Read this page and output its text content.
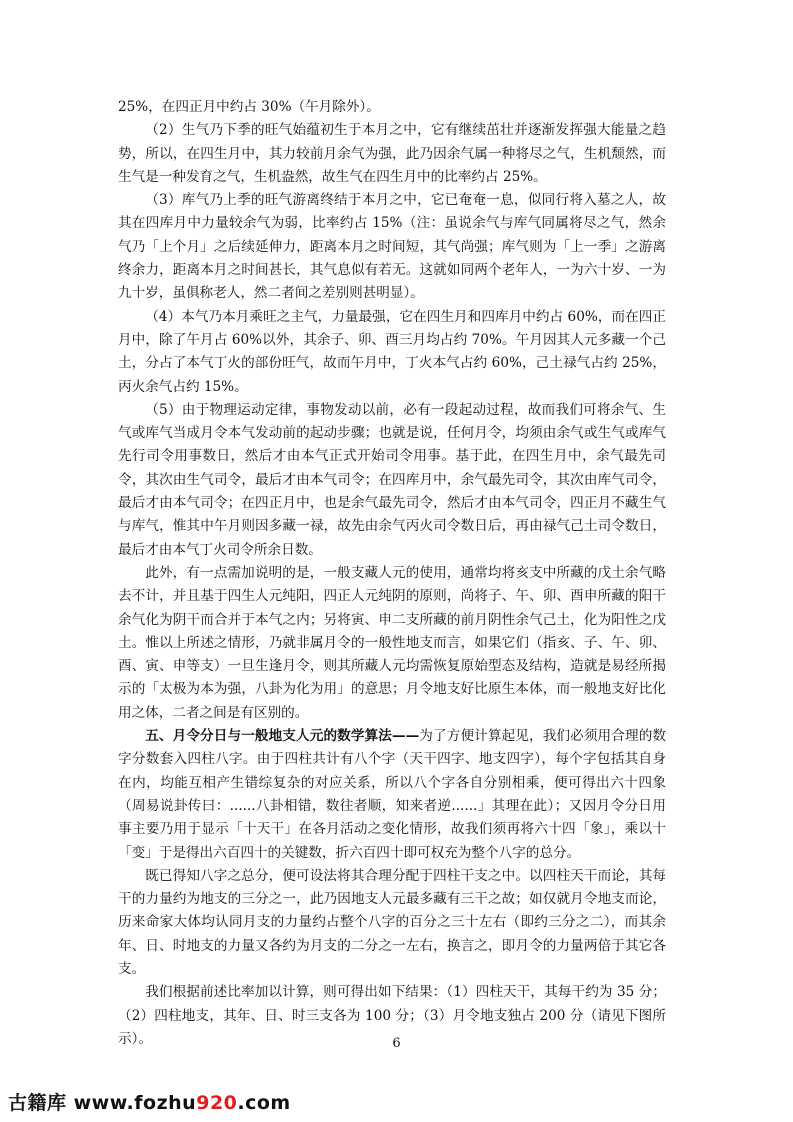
25%，在四正月中约占 30%（午月除外）。

（2）生气乃下季的旺气始蕴初生于本月之中，它有继续茁壮并逐渐发挥强大能量之趋势，所以，在四生月中，其力较前月余气为强，此乃因余气属一种将尽之气，生机颓然，而生气是一种发育之气，生机盎然，故生气在四生月中的比率约占 25%。

（3）库气乃上季的旺气游离终结于本月之中，它已奄奄一息，似同行将入墓之人，故其在四库月中力量较余气为弱，比率约占 15%（注：虽说余气与库气同属将尽之气，然余气乃「上个月」之后续延伸力，距离本月之时间短，其气尚强；库气则为「上一季」之游离终余力，距离本月之时间甚长，其气息似有若无。这就如同两个老年人，一为六十岁、一为九十岁，虽俱称老人，然二者间之差别则甚明显）。

（4）本气乃本月乘旺之主气，力量最强，它在四生月和四库月中约占 60%，而在四正月中，除了午月占 60%以外，其余子、卯、酉三月均占约 70%。午月因其人元多藏一个己土，分占了本气丁火的部份旺气，故而午月中，丁火本气占约 60%，己土禄气占约 25%，丙火余气占约 15%。

（5）由于物理运动定律，事物发动以前，必有一段起动过程，故而我们可将余气、生气或库气当成月令本气发动前的起动步骤；也就是说，任何月令，均须由余气或生气或库气先行司令用事数日，然后才由本气正式开始司令用事。基于此，在四生月中，余气最先司令，其次由生气司令，最后才由本气司令；在四库月中，余气最先司令，其次由库气司令，最后才由本气司令；在四正月中，也是余气最先司令，然后才由本气司令，四正月不藏生气与库气，惟其中午月则因多藏一禄，故先由余气丙火司令数日后，再由禄气己土司令数日，最后才由本气丁火司令所余日数。

此外，有一点需加说明的是，一般支藏人元的使用，通常均将亥支中所藏的戊土余气略去不计，并且基于四生人元纯阳，四正人元纯阴的原则，尚将子、午、卯、酉申所藏的阳干余气化为阴干而合并于本气之内；另将寅、申二支所藏的前月阴性余气己土，化为阳性之戊土。惟以上所述之情形，乃就非属月令的一般性地支而言，如果它们（指亥、子、午、卯、酉、寅、申等支）一旦生逢月令，则其所藏人元均需恢复原始型态及结构，造就是易经所揭示的「太极为本为强，八卦为化为用」的意思；月令地支好比原生本体，而一般地支好比化用之体，二者之间是有区别的。

五、月令分日与一般地支人元的数学算法——为了方便计算起见，我们必须用合理的数字分数套入四柱八字。由于四柱共计有八个字（天干四字、地支四字），每个字包括其自身在内，均能互相产生错综复杂的对应关系，所以八个字各自分别相乘，便可得出六十四象（周易说卦传曰：......八卦相错，数往者顺，知来者逆......」其理在此）；又因月令分日用事主要乃用于显示「十天干」在各月活动之变化情形，故我们须再将六十四「象」，乘以十「变」于是得出六百四十的关键数，折六百四十即可权充为整个八字的总分。

既已得知八字之总分，便可设法将其合理分配于四柱干支之中。以四柱天干而论，其每干的力量约为地支的三分之一，此乃因地支人元最多藏有三干之故；如仅就月令地支而论，历来命家大体均认同月支的力量约占整个八字的百分之三十左右（即约三分之二），而其余年、日、时地支的力量又各约为月支的二分之一左右，换言之，即月令的力量两倍于其它各支。

我们根据前述比率加以计算，则可得出如下结果：（1）四柱天干，其每干约为 35 分；（2）四柱地支，其年、日、时三支各为 100 分；（3）月令地支独占 200 分（请见下图所示）。	6
古籍库 www.fozhu920.com
